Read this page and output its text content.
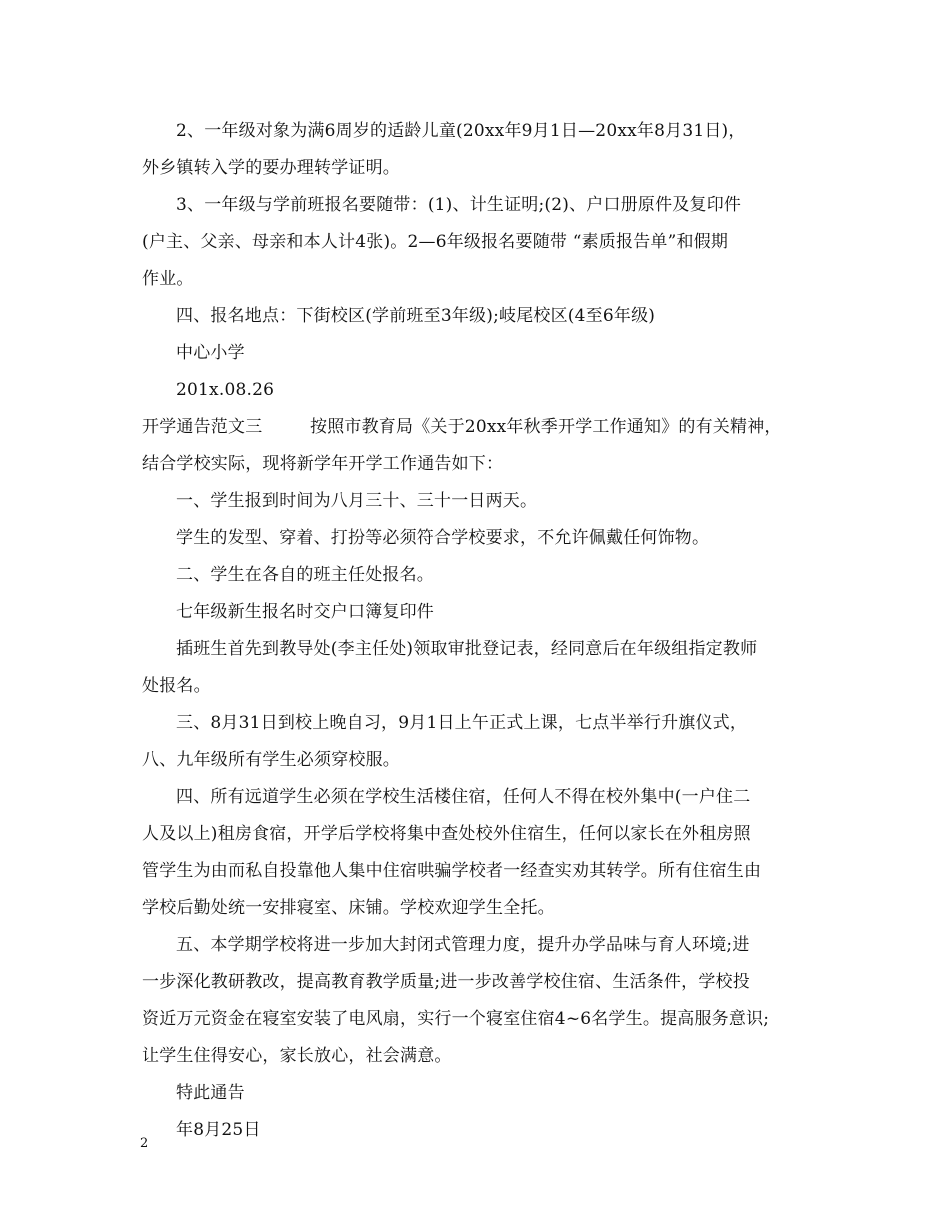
2、一年级对象为满6周岁的适龄儿童(20xx年9月1日—20xx年8月31日)，
外乡镇转入学的要办理转学证明。
3、一年级与学前班报名要随带：(1)、计生证明;(2)、户口册原件及复印件
(户主、父亲、母亲和本人计4张)。2—6年级报名要随带 “素质报告单”和假期
作业。
四、报名地点：下街校区(学前班至3年级);岐尾校区(4至6年级)
中心小学
201x.08.26
开学通告范文三	按照市教育局《关于20xx年秋季开学工作通知》的有关精神，
结合学校实际，现将新学年开学工作通告如下：
一、学生报到时间为八月三十、三十一日两天。
学生的发型、穿着、打扮等必须符合学校要求，不允许佩戴任何饰物。
二、学生在各自的班主任处报名。
七年级新生报名时交户口簿复印件
插班生首先到教导处(李主任处)领取审批登记表，经同意后在年级组指定教师
处报名。
三、8月31日到校上晚自习，9月1日上午正式上课，七点半举行升旗仪式，
八、九年级所有学生必须穿校服。
四、所有远道学生必须在学校生活楼住宿，任何人不得在校外集中(一户住二
人及以上)租房食宿，开学后学校将集中查处校外住宿生，任何以家长在外租房照
管学生为由而私自投靠他人集中住宿哄骗学校者一经查实劝其转学。所有住宿生由
学校后勤处统一安排寝室、床铺。学校欢迎学生全托。
五、本学期学校将进一步加大封闭式管理力度，提升办学品味与育人环境;进
一步深化教研教改，提高教育教学质量;进一步改善学校住宿、生活条件，学校投
资近万元资金在寝室安装了电风扇，实行一个寝室住宿4~6名学生。提高服务意识;
让学生住得安心，家长放心，社会满意。
特此通告
年8月25日
2
